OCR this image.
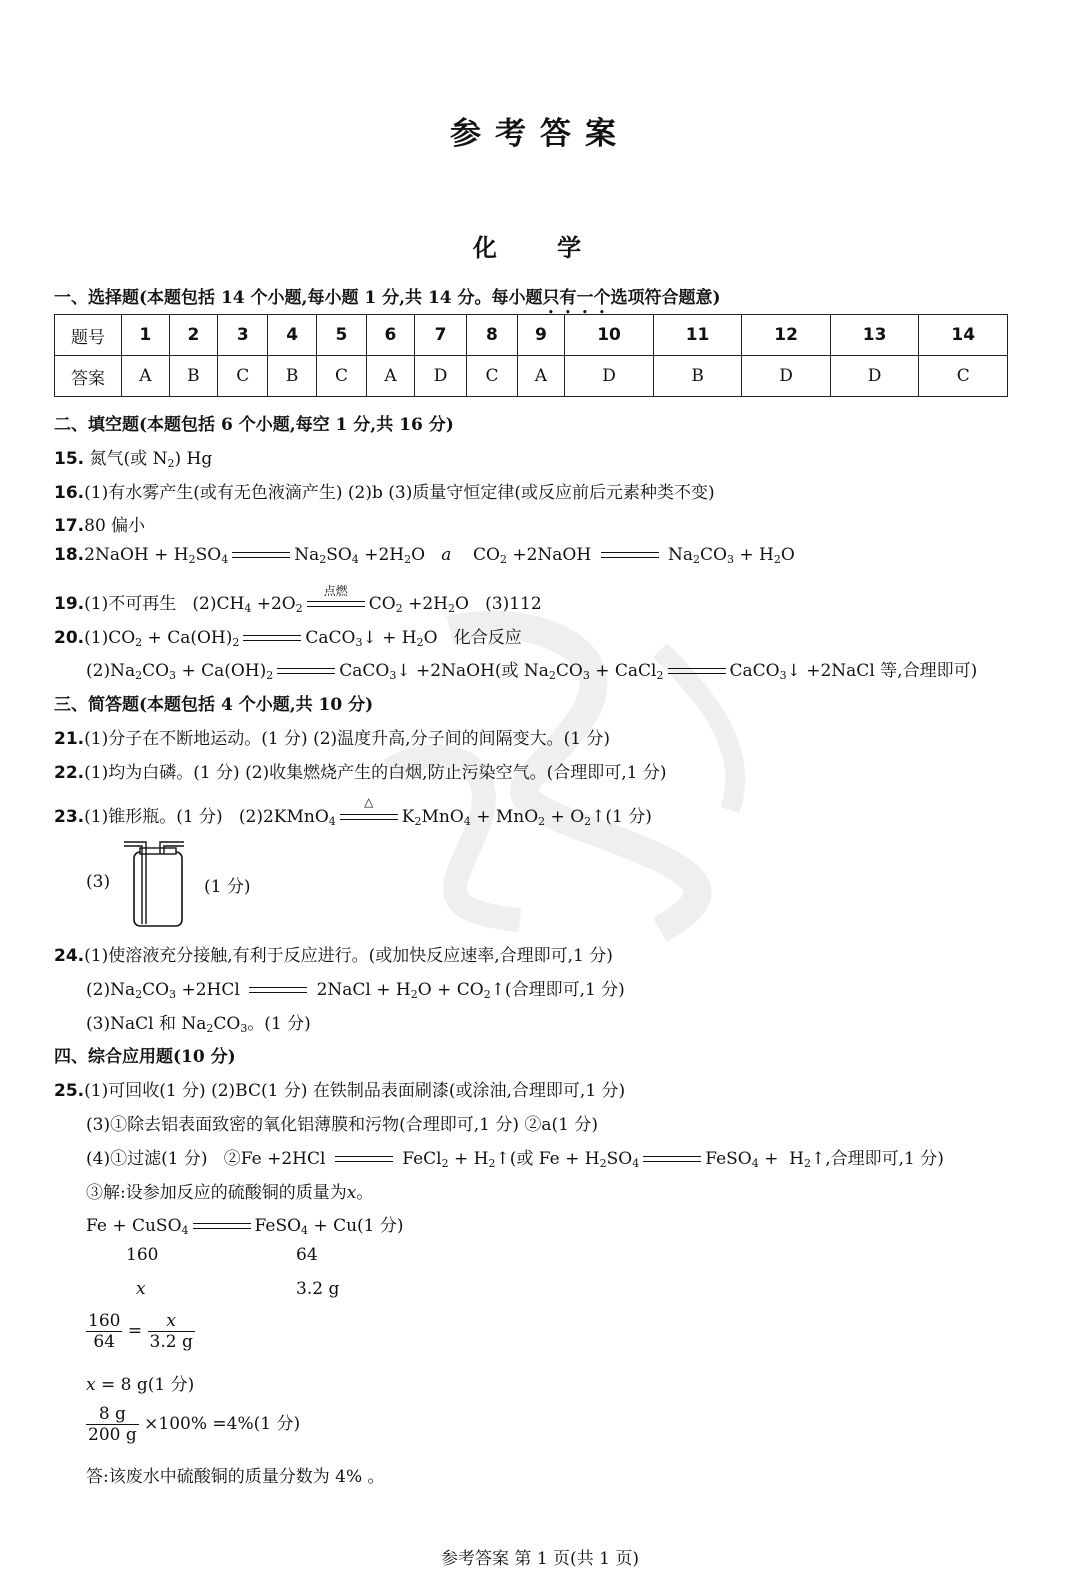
参考答案
化 学
一、选择题(本题包括 14 个小题,每小题 1 分,共 14 分。每小题只有一个选项符合题意)
题号	1	2	3	4	5	6	7	8	9	10	11	12	13	14
答案	A	B	C	B	C	A	D	C	A	D	B	D	D	C
二、填空题(本题包括 6 个小题,每空 1 分,共 16 分)
15. 氮气(或 $N_2$) Hg
16.(1)有水雾产生(或有无色液滴产生) (2)b (3)质量守恒定律(或反应前后元素种类不变)
17.80 偏小
18.2NaOH + $H_2SO_4$	$Na_2SO_4 +2H_2O$   a    $CO_2$ +2NaOH	$Na_2CO_3 + H_2O$
19.(1)不可再生   $(2)CH_4 +2O_2$
点燃
$CO_2 +2H_2O$   (3)112
$20.(1)CO_2 + Ca(OH)_2$	CaCO$_3$↓ + $H_2O$   化合反应
$(2)Na_2CO_3 + Ca(OH)_2$	CaCO$_3$↓ +2NaOH(或 $Na_2CO_3$ + CaCl$_2$	CaCO$_3$↓ +2NaCl 等,合理即可)
三、简答题(本题包括 4 个小题,共 10 分)
21.(1)分子在不断地运动。(1 分) (2)温度升高,分子间的间隔变大。(1 分)
22.(1)均为白磷。(1 分) (2)收集燃烧产生的白烟,防止污染空气。(合理即可,1 分)
23.(1)锥形瓶。(1 分)   (2)2KMnO$_4$
△
$K_2MnO_4 + MnO_2$ + $O_2↑(1$ 分)
(3)	(1 分)
24.(1)使溶液充分接触,有利于反应进行。(或加快反应速率,合理即可,1 分)
$(2)Na_2CO_3 +2HCl$	2NaCl + $H_2O$ + $CO_2↑$(合理即可,1 分)
(3)NaCl 和 $Na_2CO_3$。(1 分)
四、综合应用题(10 分)
25.(1)可回收(1 分) (2)BC(1 分) 在铁制品表面刷漆(或涂油,合理即可,1 分)
(3)①除去铝表面致密的氧化铝薄膜和污物(合理即可,1 分) ②a(1 分)
(4)①过滤(1 分)   ②Fe +2HCl	FeCl$_2$ + $H_2↑$(或 $Fe + H_2SO_4$	FeSO$_4$ +  $H_2↑$,合理即可,1 分)
③解:设参加反应的硫酸铜的质量为x。
Fe + CuSO$_4$	FeSO$_4$ + Cu(1 分)
160	64
x	3.2 g
$\frac{160}{64} = \frac{x}{3.2 g}$
x = 8 g(1 分)
$\frac{8 g}{200 g} \times 100\% =4\%(1$ 分)
答:该废水中硫酸铜的质量分数为 4% 。
参考答案 第 1 页(共 1 页)
